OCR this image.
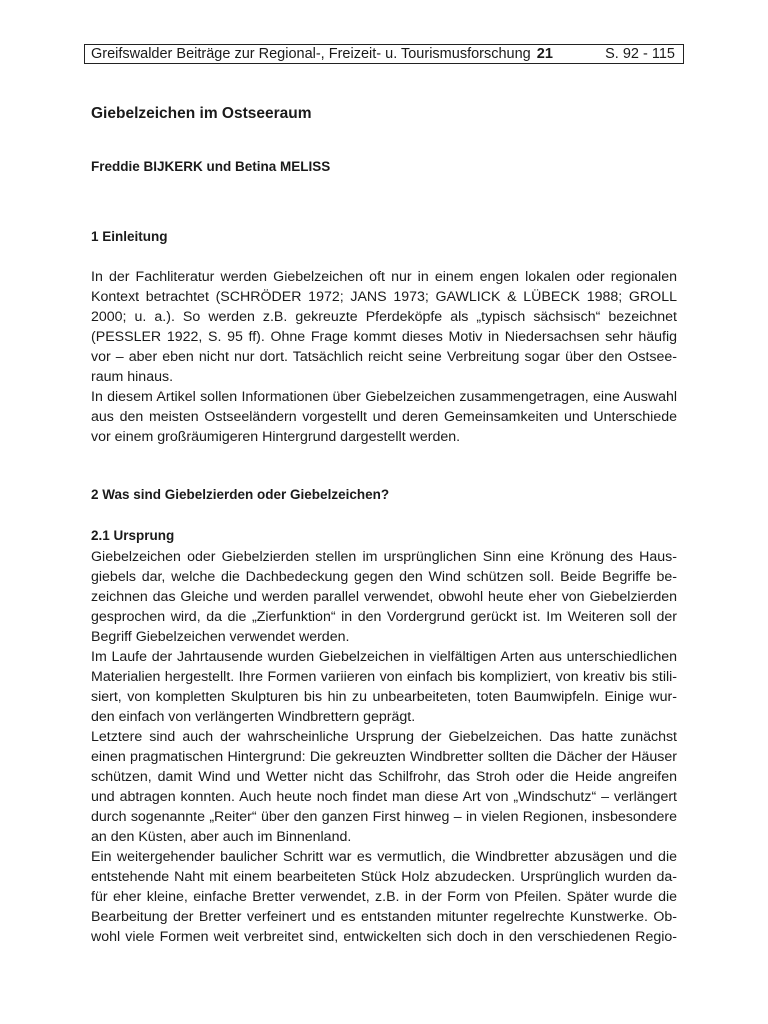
Greifswalder Beiträge zur Regional-, Freizeit- u. Tourismusforschung 21	S. 92 - 115
Giebelzeichen im Ostseeraum
Freddie BIJKERK und Betina MELISS
1 Einleitung
In der Fachliteratur werden Giebelzeichen oft nur in einem engen lokalen oder regionalen
Kontext betrachtet (SCHRÖDER 1972; JANS 1973; GAWLICK & LÜBECK 1988; GROLL
2000; u. a.). So werden z.B. gekreuzte Pferdeköpfe als „typisch sächsisch“ bezeichnet
(PESSLER 1922, S. 95 ff). Ohne Frage kommt dieses Motiv in Niedersachsen sehr häufig
vor – aber eben nicht nur dort. Tatsächlich reicht seine Verbreitung sogar über den Ostsee-
raum hinaus.
In diesem Artikel sollen Informationen über Giebelzeichen zusammengetragen, eine Auswahl
aus den meisten Ostseeländern vorgestellt und deren Gemeinsamkeiten und Unterschiede
vor einem großräumigeren Hintergrund dargestellt werden.
2 Was sind Giebelzierden oder Giebelzeichen?
2.1 Ursprung
Giebelzeichen oder Giebelzierden stellen im ursprünglichen Sinn eine Krönung des Haus-
giebels dar, welche die Dachbedeckung gegen den Wind schützen soll. Beide Begriffe be-
zeichnen das Gleiche und werden parallel verwendet, obwohl heute eher von Giebelzierden
gesprochen wird, da die „Zierfunktion“ in den Vordergrund gerückt ist. Im Weiteren soll der
Begriff Giebelzeichen verwendet werden.
Im Laufe der Jahrtausende wurden Giebelzeichen in vielfältigen Arten aus unterschiedlichen
Materialien hergestellt. Ihre Formen variieren von einfach bis kompliziert, von kreativ bis stili-
siert, von kompletten Skulpturen bis hin zu unbearbeiteten, toten Baumwipfeln. Einige wur-
den einfach von verlängerten Windbrettern geprägt.
Letztere sind auch der wahrscheinliche Ursprung der Giebelzeichen. Das hatte zunächst
einen pragmatischen Hintergrund: Die gekreuzten Windbretter sollten die Dächer der Häuser
schützen, damit Wind und Wetter nicht das Schilfrohr, das Stroh oder die Heide angreifen
und abtragen konnten. Auch heute noch findet man diese Art von „Windschutz“ – verlängert
durch sogenannte „Reiter“ über den ganzen First hinweg – in vielen Regionen, insbesondere
an den Küsten, aber auch im Binnenland.
Ein weitergehender baulicher Schritt war es vermutlich, die Windbretter abzusägen und die
entstehende Naht mit einem bearbeiteten Stück Holz abzudecken. Ursprünglich wurden da-
für eher kleine, einfache Bretter verwendet, z.B. in der Form von Pfeilen. Später wurde die
Bearbeitung der Bretter verfeinert und es entstanden mitunter regelrechte Kunstwerke. Ob-
wohl viele Formen weit verbreitet sind, entwickelten sich doch in den verschiedenen Regio-
